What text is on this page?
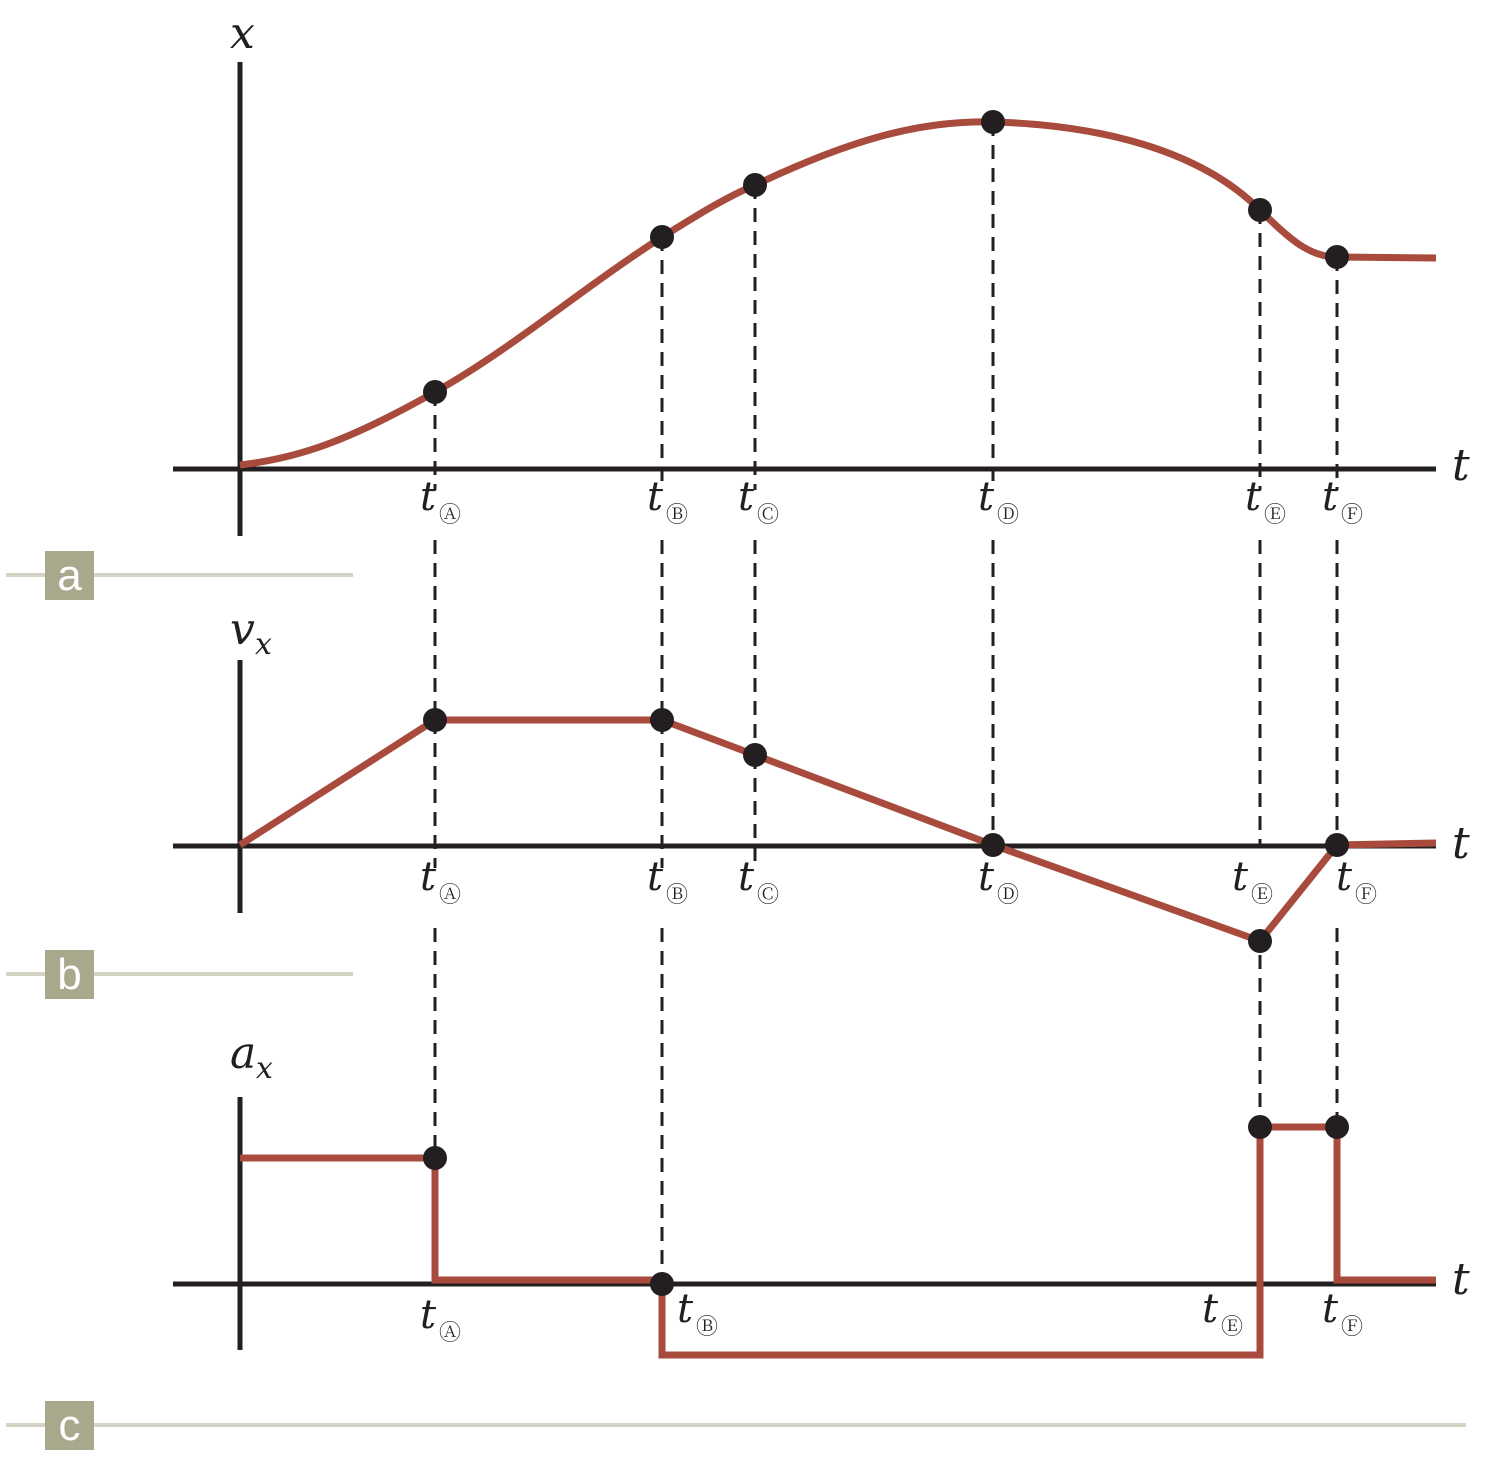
x
t
t Ⓐ	t Ⓑ t Ⓒ	t Ⓓ	t Ⓔ t Ⓕ
a
v x
t
t Ⓐ	t Ⓑ t Ⓒ	t Ⓓ	t Ⓔ t Ⓕ
b
a x
t
t Ⓐ
t Ⓑ	t Ⓔ t Ⓕ
c
